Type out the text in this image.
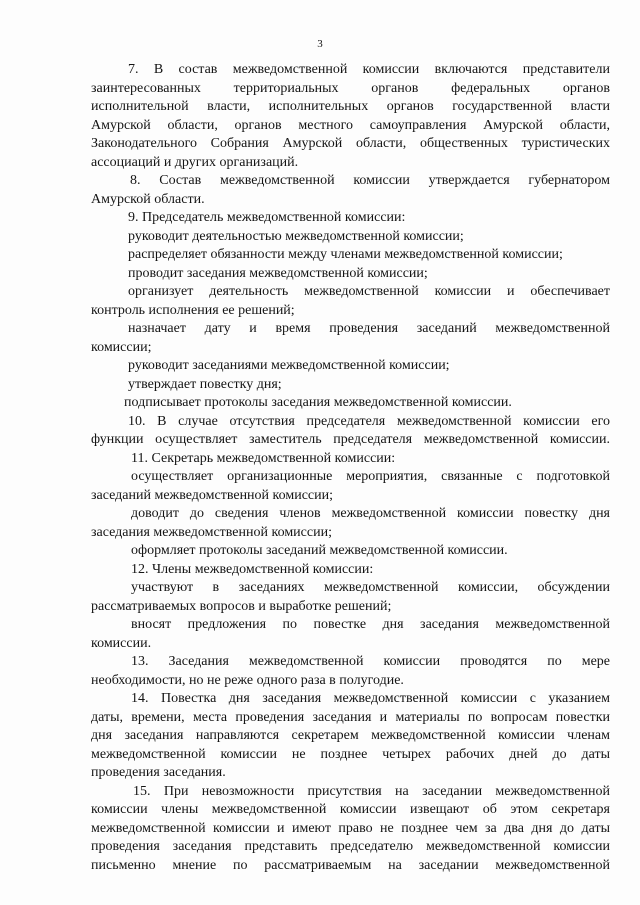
3
7. В состав межведомственной комиссии включаются представители
заинтересованных территориальных органов федеральных органов
исполнительной власти, исполнительных органов государственной власти
Амурской области, органов местного самоуправления Амурской области,
Законодательного Собрания Амурской области, общественных туристических
ассоциаций и других организаций.
8. Состав межведомственной комиссии утверждается губернатором
Амурской области.
9. Председатель межведомственной комиссии:
руководит деятельностью межведомственной комиссии;
распределяет обязанности между членами межведомственной комиссии;
проводит заседания межведомственной комиссии;
организует деятельность межведомственной комиссии и обеспечивает
контроль исполнения ее решений;
назначает дату и время проведения заседаний межведомственной
комиссии;
руководит заседаниями межведомственной комиссии;
утверждает повестку дня;
подписывает протоколы заседания межведомственной комиссии.
10. В случае отсутствия председателя межведомственной комиссии его
функции осуществляет заместитель председателя межведомственной комиссии.
11. Секретарь межведомственной комиссии:
осуществляет организационные мероприятия, связанные с подготовкой
заседаний межведомственной комиссии;
доводит до сведения членов межведомственной комиссии повестку дня
заседания межведомственной комиссии;
оформляет протоколы заседаний межведомственной комиссии.
12. Члены межведомственной комиссии:
участвуют в заседаниях межведомственной комиссии, обсуждении
рассматриваемых вопросов и выработке решений;
вносят предложения по повестке дня заседания межведомственной
комиссии.
13. Заседания межведомственной комиссии проводятся по мере
необходимости, но не реже одного раза в полугодие.
14. Повестка дня заседания межведомственной комиссии с указанием
даты, времени, места проведения заседания и материалы по вопросам повестки
дня заседания направляются секретарем межведомственной комиссии членам
межведомственной комиссии не позднее четырех рабочих дней до даты
проведения заседания.
15. При невозможности присутствия на заседании межведомственной
комиссии члены межведомственной комиссии извещают об этом секретаря
межведомственной комиссии и имеют право не позднее чем за два дня до даты
проведения заседания представить председателю межведомственной комиссии
письменно мнение по рассматриваемым на заседании межведомственной
